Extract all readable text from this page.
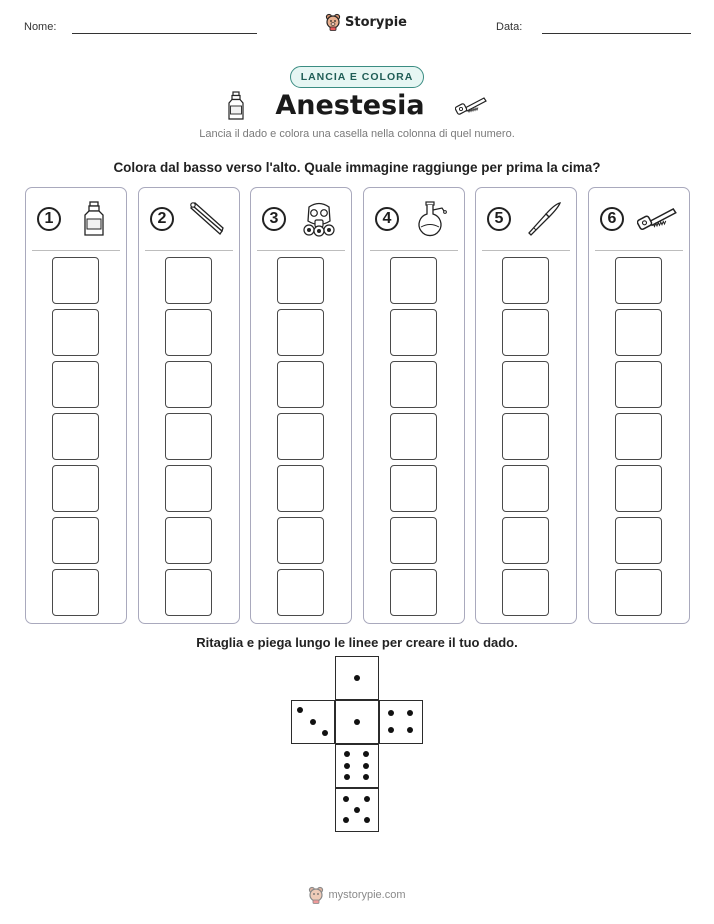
Nome:	Storypie	Data:
LANCIA E COLORA
Anestesia
Lancia il dado e colora una casella nella colonna di quel numero.
Colora dal basso verso l'alto. Quale immagine raggiunge per prima la cima?
1	2	3	4	5	6
Ritaglia e piega lungo le linee per creare il tuo dado.
mystorypie.com
